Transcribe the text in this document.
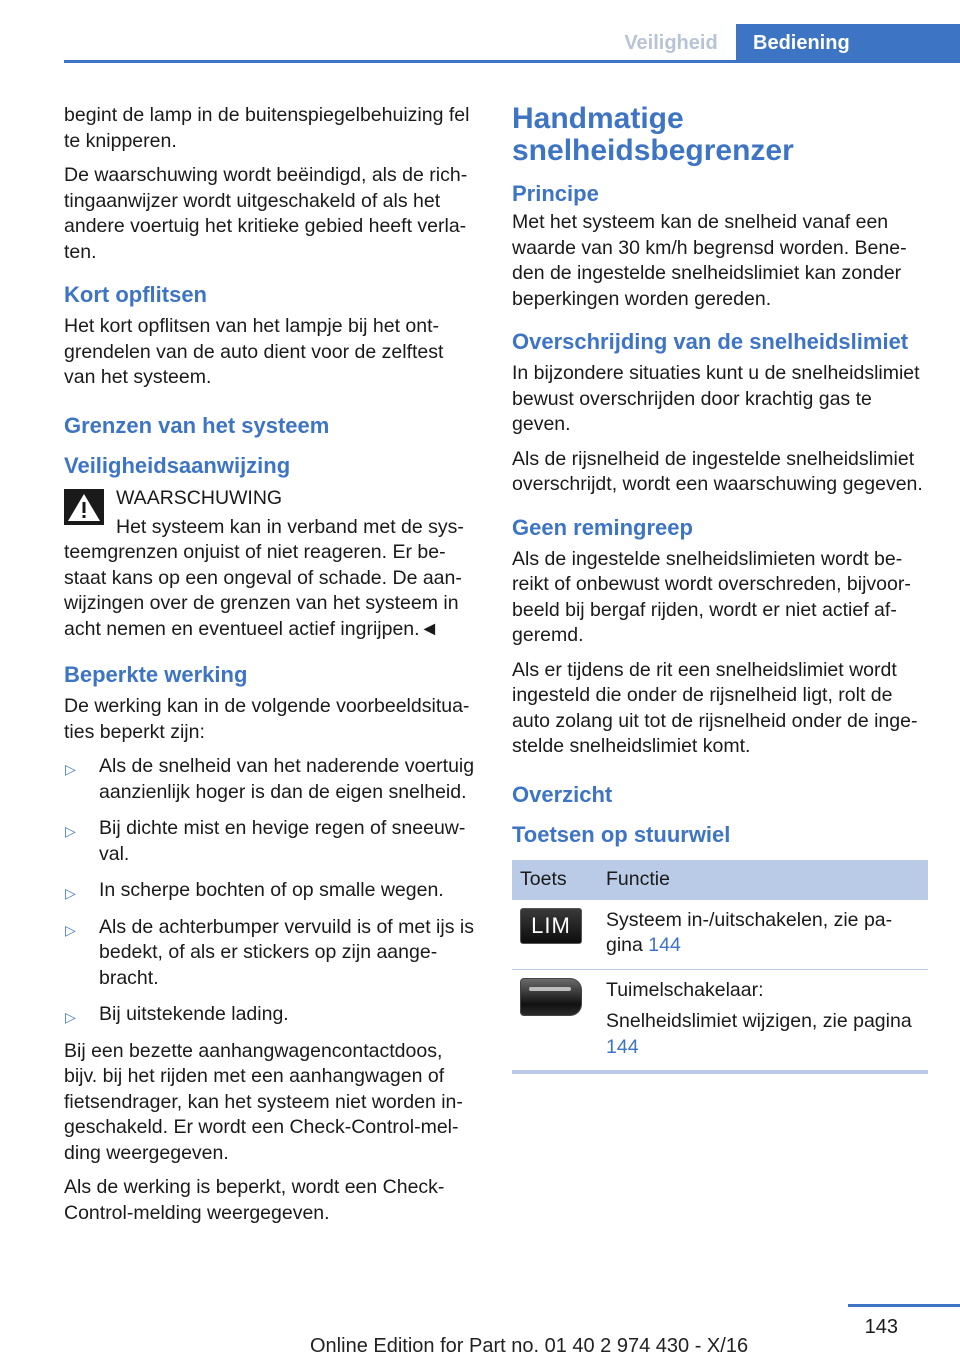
Veiligheid	Bediening

begint de lamp in de buitenspiegelbehuizing fel te knipperen.

De waarschuwing wordt beëindigd, als de richtingaanwijzer wordt uitgeschakeld of als het andere voertuig het kritieke gebied heeft verlaten.

Kort opflitsen

Het kort opflitsen van het lampje bij het ontgrendelen van de auto dient voor de zelftest van het systeem.

Grenzen van het systeem
Veiligheidsaanwijzing

WAARSCHUWING

Het systeem kan in verband met de systeemgrenzen onjuist of niet reageren. Er bestaat kans op een ongeval of schade. De aanwijzingen over de grenzen van het systeem in acht nemen en eventueel actief ingrijpen.◄

Beperkte werking

De werking kan in de volgende voorbeeldsituaties beperkt zijn:

▷ Als de snelheid van het naderende voertuig aanzienlijk hoger is dan de eigen snelheid.
▷ Bij dichte mist en hevige regen of sneeuwval.
▷ In scherpe bochten of op smalle wegen.
▷ Als de achterbumper vervuild is of met ijs is bedekt, of als er stickers op zijn aangebracht.
▷ Bij uitstekende lading.

Bij een bezette aanhangwagencontactdoos, bijv. bij het rijden met een aanhangwagen of fietsendrager, kan het systeem niet worden ingeschakeld. Er wordt een Check-Control-melding weergegeven.

Als de werking is beperkt, wordt een Check-Control-melding weergegeven.

Handmatige snelheidsbegrenzer
Principe

Met het systeem kan de snelheid vanaf een waarde van 30 km/h begrensd worden. Beneden de ingestelde snelheidslimiet kan zonder beperkingen worden gereden.

Overschrijding van de snelheidslimiet

In bijzondere situaties kunt u de snelheidslimiet bewust overschrijden door krachtig gas te geven.

Als de rijsnelheid de ingestelde snelheidslimiet overschrijdt, wordt een waarschuwing gegeven.

Geen remingreep

Als de ingestelde snelheidslimieten wordt bereikt of onbewust wordt overschreden, bijvoorbeeld bij bergaf rijden, wordt er niet actief afgeremd.

Als er tijdens de rit een snelheidslimiet wordt ingesteld die onder de rijsnelheid ligt, rolt de auto zolang uit tot de rijsnelheid onder de ingestelde snelheidslimiet komt.

Overzicht
Toetsen op stuurwiel
Toets	Functie

LIM	Systeem in-/uitschakelen, zie pagina 144

	Tuimelschakelaar:
Snelheidslimiet wijzigen, zie pagina 144
143
Online Edition for Part no. 01 40 2 974 430 - X/16
